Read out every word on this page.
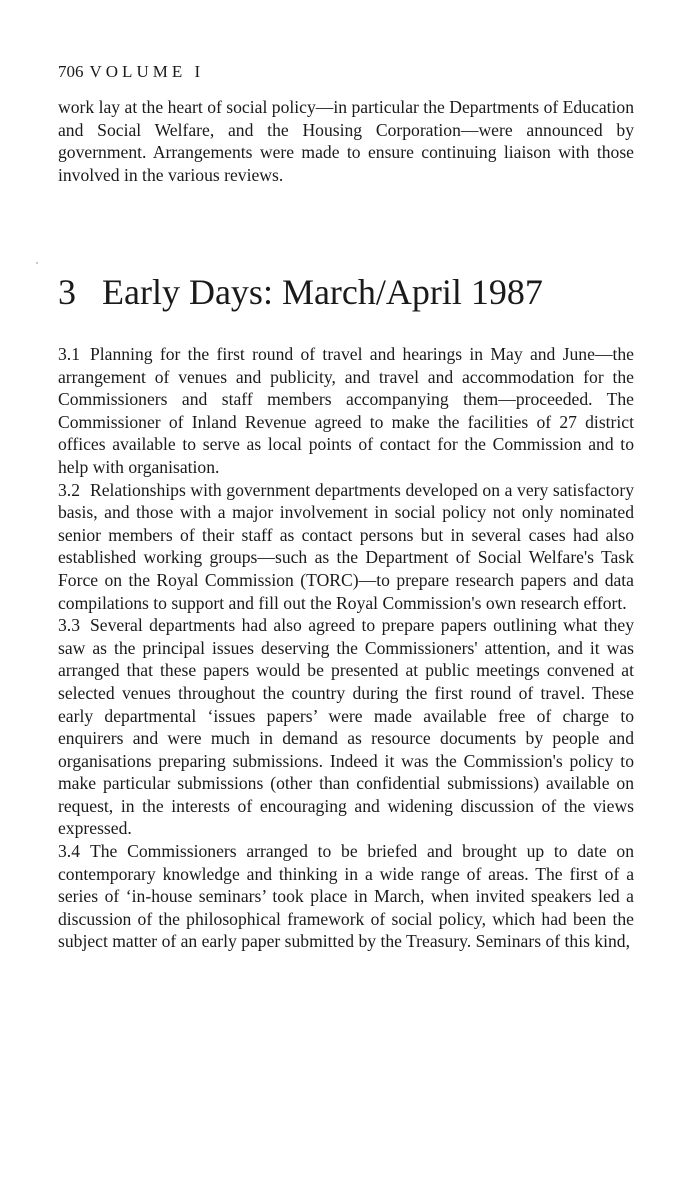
706 VOLUME I

work lay at the heart of social policy—in particular the Departments of Education and Social Welfare, and the Housing Corporation—were announced by government. Arrangements were made to ensure continuing liaison with those involved in the various reviews.

3 Early Days: March/April 1987

3.1 Planning for the first round of travel and hearings in May and June—the arrangement of venues and publicity, and travel and accommodation for the Commissioners and staff members accompanying them—proceeded. The Commissioner of Inland Revenue agreed to make the facilities of 27 district offices available to serve as local points of contact for the Commission and to help with organisation.

3.2 Relationships with government departments developed on a very satisfactory basis, and those with a major involvement in social policy not only nominated senior members of their staff as contact persons but in several cases had also established working groups—such as the Department of Social Welfare's Task Force on the Royal Commission (TORC)—to prepare research papers and data compilations to support and fill out the Royal Commission's own research effort.

3.3 Several departments had also agreed to prepare papers outlining what they saw as the principal issues deserving the Commissioners' attention, and it was arranged that these papers would be presented at public meetings convened at selected venues throughout the country during the first round of travel. These early departmental ‘issues papers’ were made available free of charge to enquirers and were much in demand as resource documents by people and organisations preparing submissions. Indeed it was the Commission's policy to make particular submissions (other than confidential submissions) available on request, in the interests of encouraging and widening discussion of the views expressed.

3.4 The Commissioners arranged to be briefed and brought up to date on contemporary knowledge and thinking in a wide range of areas. The first of a series of ‘in-house seminars’ took place in March, when invited speakers led a discussion of the philosophical framework of social policy, which had been the subject matter of an early paper submitted by the Treasury. Seminars of this kind,
